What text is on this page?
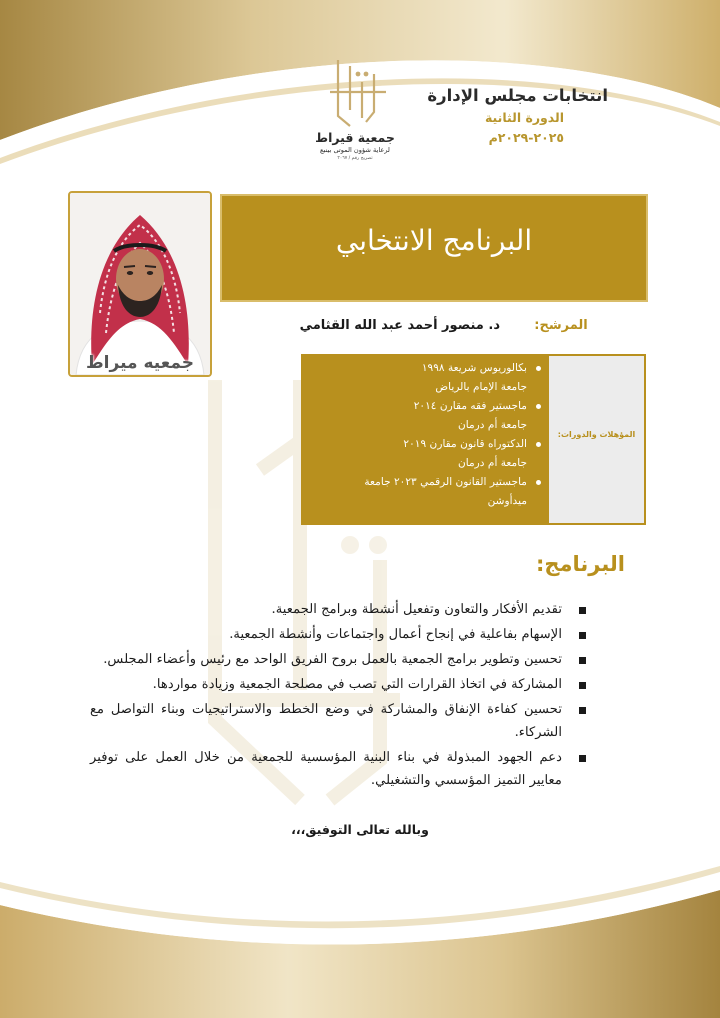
جمعية قيراط
لرعاية شؤون الموتى بينبع
تصريح رقم / ٢٠٦٧
انتخابات مجلس الإدارة
الدورة الثانية
٢٠٢٥-٢٠٢٩م
جمعيه ميراط
البرنامج الانتخابي
المرشح:
د. منصور أحمد عبد الله القثامي
بكالوريوس شريعة ١٩٩٨
جامعة الإمام بالرياض
ماجستير فقه مقارن ٢٠١٤
جامعة أم درمان
الدكتوراه قانون مقارن ٢٠١٩
جامعة أم درمان
ماجستير القانون الرقمي ٢٠٢٣ جامعة
ميدأوشن
المؤهلات والدورات:
البرنامج:
تقديم الأفكار والتعاون وتفعيل أنشطة وبرامج الجمعية.
الإسهام بفاعلية في إنجاح أعمال واجتماعات وأنشطة الجمعية.
تحسين وتطوير برامج الجمعية بالعمل بروح الفريق الواحد مع رئيس وأعضاء المجلس.
المشاركة في اتخاذ القرارات التي تصب في مصلحة الجمعية وزيادة مواردها.
تحسين كفاءة الإنفاق والمشاركة في وضع الخطط والاستراتيجيات وبناء التواصل مع الشركاء.
دعم الجهود المبذولة في بناء البنية المؤسسية للجمعية من خلال العمل على توفير معايير التميز المؤسسي والتشغيلي.
وبالله تعالى التوفيق،،،
